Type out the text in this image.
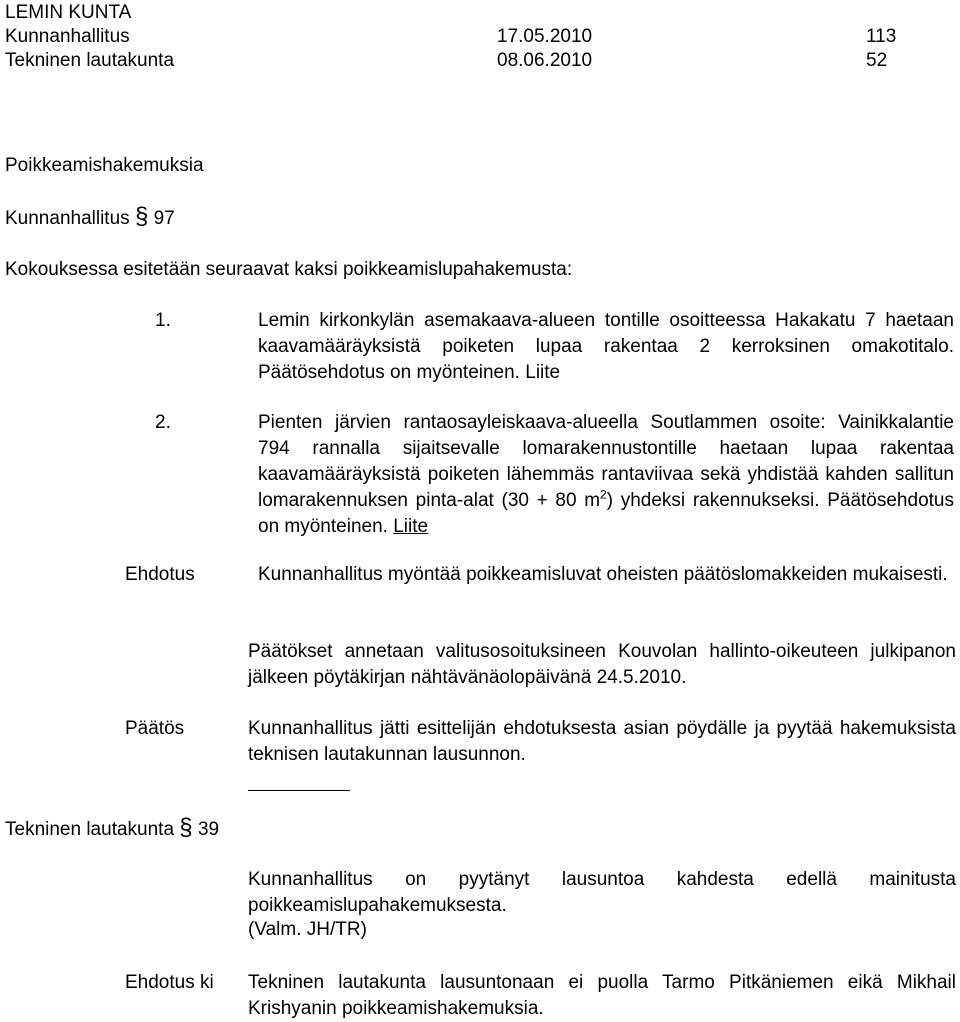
LEMIN KUNTA
Kunnanhallitus	17.05.2010	113
Tekninen lautakunta	08.06.2010	52
Poikkeamishakemuksia
Kunnanhallitus § 97
Kokouksessa esitetään seuraavat kaksi poikkeamislupahakemusta:
1.	Lemin kirkonkylän asemakaava-alueen tontille osoitteessa Hakakatu 7 haetaan kaavamääräyksistä poiketen lupaa rakentaa 2 kerroksinen omakotitalo. Päätösehdotus on myönteinen. Liite
2.	Pienten järvien rantaosayleiskaava-alueella Soutlammen osoite: Vainikkalantie 794 rannalla sijaitsevalle lomarakennustontille haetaan lupaa rakentaa kaavamääräyksistä poiketen lähemmäs rantaviivaa sekä yhdistää kahden sallitun lomarakennuksen pinta-alat (30 + 80 $m^2$) yhdeksi rakennukseksi. Päätösehdotus on myönteinen. Liite
Ehdotus	Kunnanhallitus myöntää poikkeamisluvat oheisten päätöslomakkeiden mukaisesti.
Päätökset annetaan valitusosoituksineen Kouvolan hallinto-oikeuteen julkipanon jälkeen pöytäkirjan nähtävänäolopäivänä 24.5.2010.
Päätös	Kunnanhallitus jätti esittelijän ehdotuksesta asian pöydälle ja pyytää hakemuksista teknisen lautakunnan lausunnon.
Tekninen lautakunta § 39
Kunnanhallitus on pyytänyt lausuntoa kahdesta edellä mainitusta poikkeamislupahakemuksesta.
(Valm. JH/TR)
Ehdotus ki Tekninen lautakunta lausuntonaan ei puolla Tarmo Pitkäniemen eikä Mikhail Krishyanin poikkeamishakemuksia.
